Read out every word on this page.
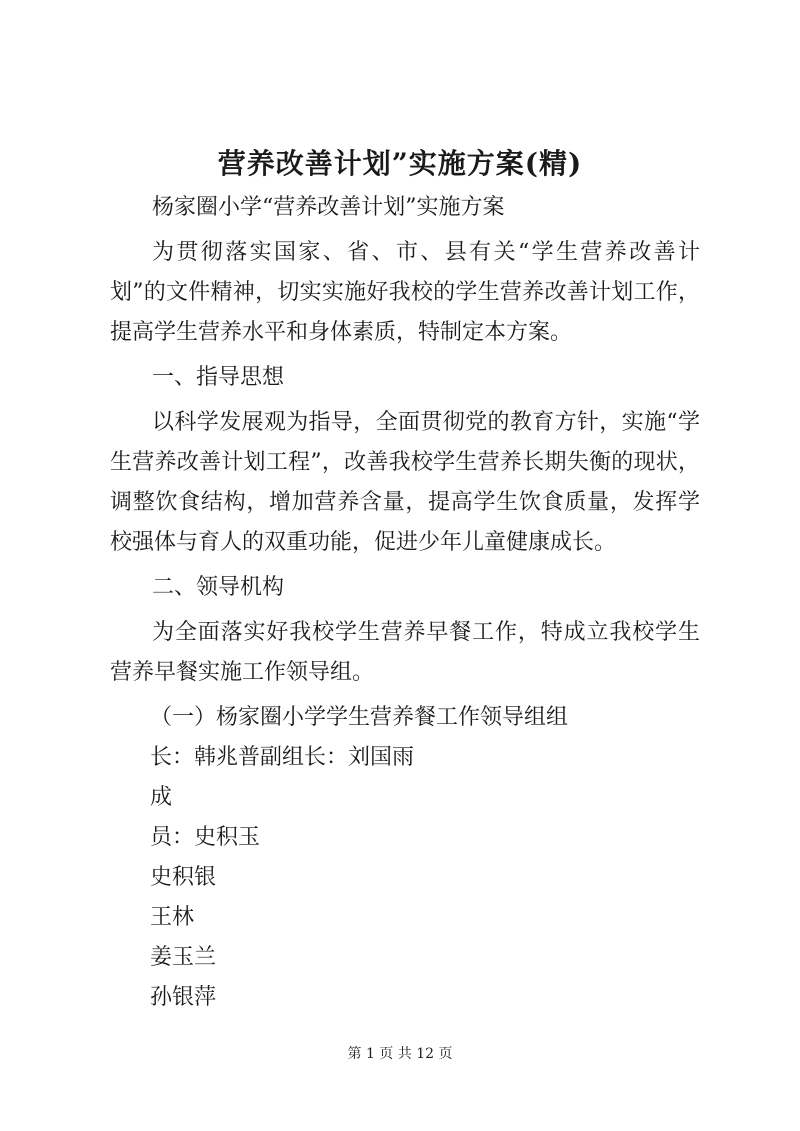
营养改善计划”实施方案(精)

杨家圈小学“营养改善计划”实施方案

为贯彻落实国家、省、市、县有关“学生营养改善计划”的文件精神，切实实施好我校的学生营养改善计划工作，提高学生营养水平和身体素质，特制定本方案。

一、指导思想

以科学发展观为指导，全面贯彻党的教育方针，实施“学生营养改善计划工程”，改善我校学生营养长期失衡的现状，调整饮食结构，增加营养含量，提高学生饮食质量，发挥学校强体与育人的双重功能，促进少年儿童健康成长。

二、领导机构

为全面落实好我校学生营养早餐工作，特成立我校学生营养早餐实施工作领导组。

（一）杨家圈小学学生营养餐工作领导组组

长：韩兆普副组长：刘国雨

成

员：史积玉

史积银

王林

姜玉兰

孙银萍

第 1 页 共 12 页
